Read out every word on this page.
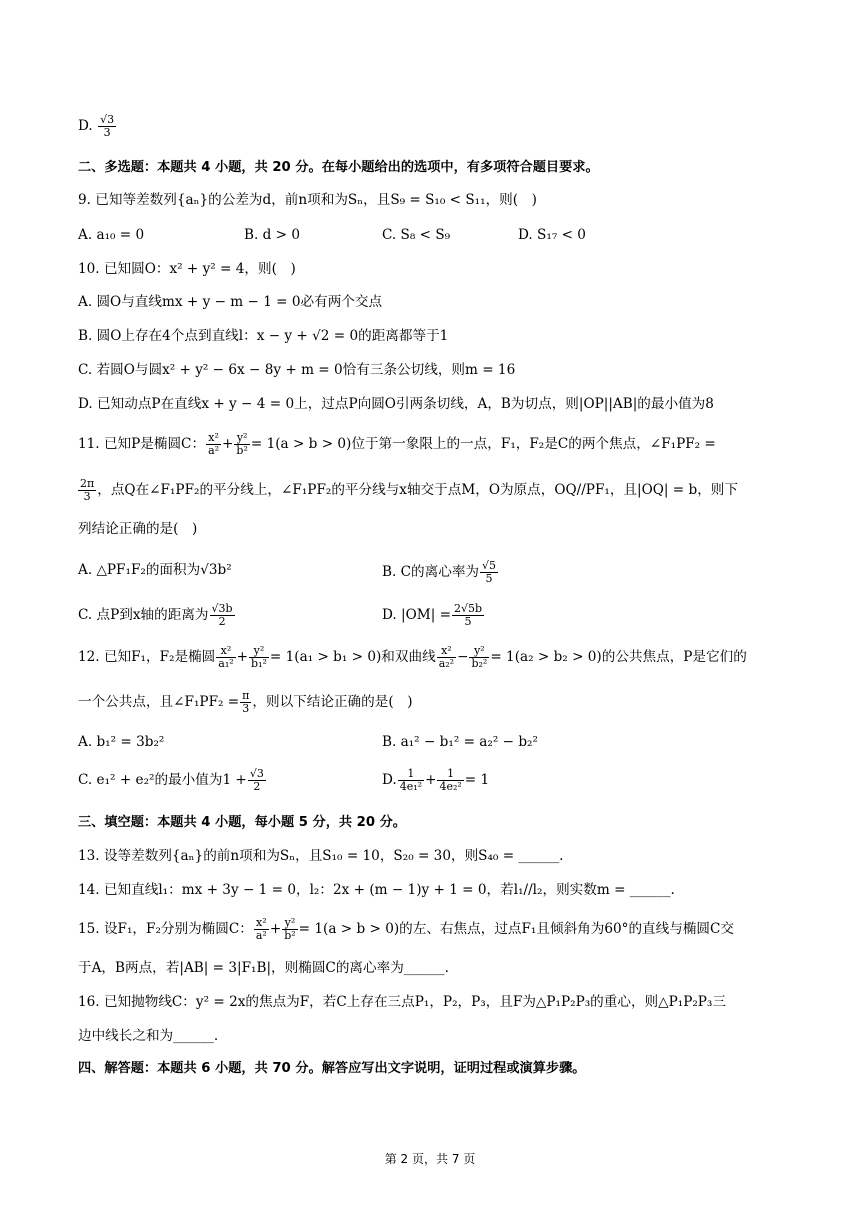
D. $\frac{√3}{3}$
二、多选题：本题共 4 小题，共 20 分。在每小题给出的选项中，有多项符合题目要求。
9. 已知等差数列{aₙ}的公差为d，前n项和为Sₙ，且S₉ = S₁₀ < S₁₁，则(　)
A. a₁₀ = 0	B. d > 0	C. S₈ < S₉	D. S₁₇ < 0
10. 已知圆O：x² + y² = 4，则(　)
A. 圆O与直线mx + y − m − 1 = 0必有两个交点
B. 圆O上存在4个点到直线l：x − y + √2 = 0的距离都等于1
C. 若圆O与圆x² + y² − 6x − 8y + m = 0恰有三条公切线，则m = 16
D. 已知动点P在直线x + y − 4 = 0上，过点P向圆O引两条切线，A，B为切点，则|OP||AB|的最小值为8
11. 已知P是椭圆C： $\frac{\text{x²}}{\text{a²}} + \frac{\text{y²}}{\text{b²}} = 1(a > b > 0)$位于第一象限上的一点，F₁，F₂是C的两个焦点，∠F₁PF₂ =
$\frac{2\pi}{3}$ ，点Q在∠F₁PF₂的平分线上，∠F₁PF₂的平分线与x轴交于点M，O为原点，OQ//PF₁，且|OQ| = b，则下
列结论正确的是(　)
A. △PF₁F₂的面积为√3b²	B. C的离心率为 $\frac{√5}{5}$
C. 点P到x轴的距离为 $\frac{√3b}{2}$	D. $|OM| = \frac{2√5b}{5}$
12. 已知F₁，F₂是椭圆 $\frac{\text{x²}}{\text{a₁²}} + \frac{\text{y²}}{\text{b₁²}} = 1(a_1 > b_1 > 0)$和双曲线 $\frac{\text{x²}}{\text{a₂²}} - \frac{\text{y²}}{\text{b₂²}} = 1(a_2 > b_2 > 0)$的公共焦点，P是它们的
一个公共点，且∠F₁PF₂ = $\frac{\pi}{3}$ ，则以下结论正确的是(　)
A. b₁² = 3b₂²	B. a₁² − b₁² = a₂² − b₂²
C. e₁² + e₂²的最小值为$1 + \frac{√3}{2}$	D. $\frac{1}{\text{4e₁²}} + \frac{1}{\text{4e₂²}} = 1$
三、填空题：本题共 4 小题，每小题 5 分，共 20 分。
13. 设等差数列{aₙ}的前n项和为Sₙ，且S₁₀ = 10，S₂₀ = 30，则S₄₀ = ______.
14. 已知直线l₁：mx + 3y − 1 = 0，l₂：2x + (m − 1)y + 1 = 0，若l₁//l₂，则实数m = ______.
15. 设F₁，F₂分别为椭圆C： $\frac{\text{x²}}{\text{a²}} + \frac{\text{y²}}{\text{b²}} = 1(a > b > 0)$的左、右焦点，过点F₁且倾斜角为60°的直线与椭圆C交
于A，B两点，若|AB| = 3|F₁B|，则椭圆C的离心率为______.
16. 已知抛物线C：y² = 2x的焦点为F，若C上存在三点P₁，P₂，P₃，且F为△P₁P₂P₃的重心，则△P₁P₂P₃三
边中线长之和为______.
四、解答题：本题共 6 小题，共 70 分。解答应写出文字说明，证明过程或演算步骤。
第 2 页，共 7 页
